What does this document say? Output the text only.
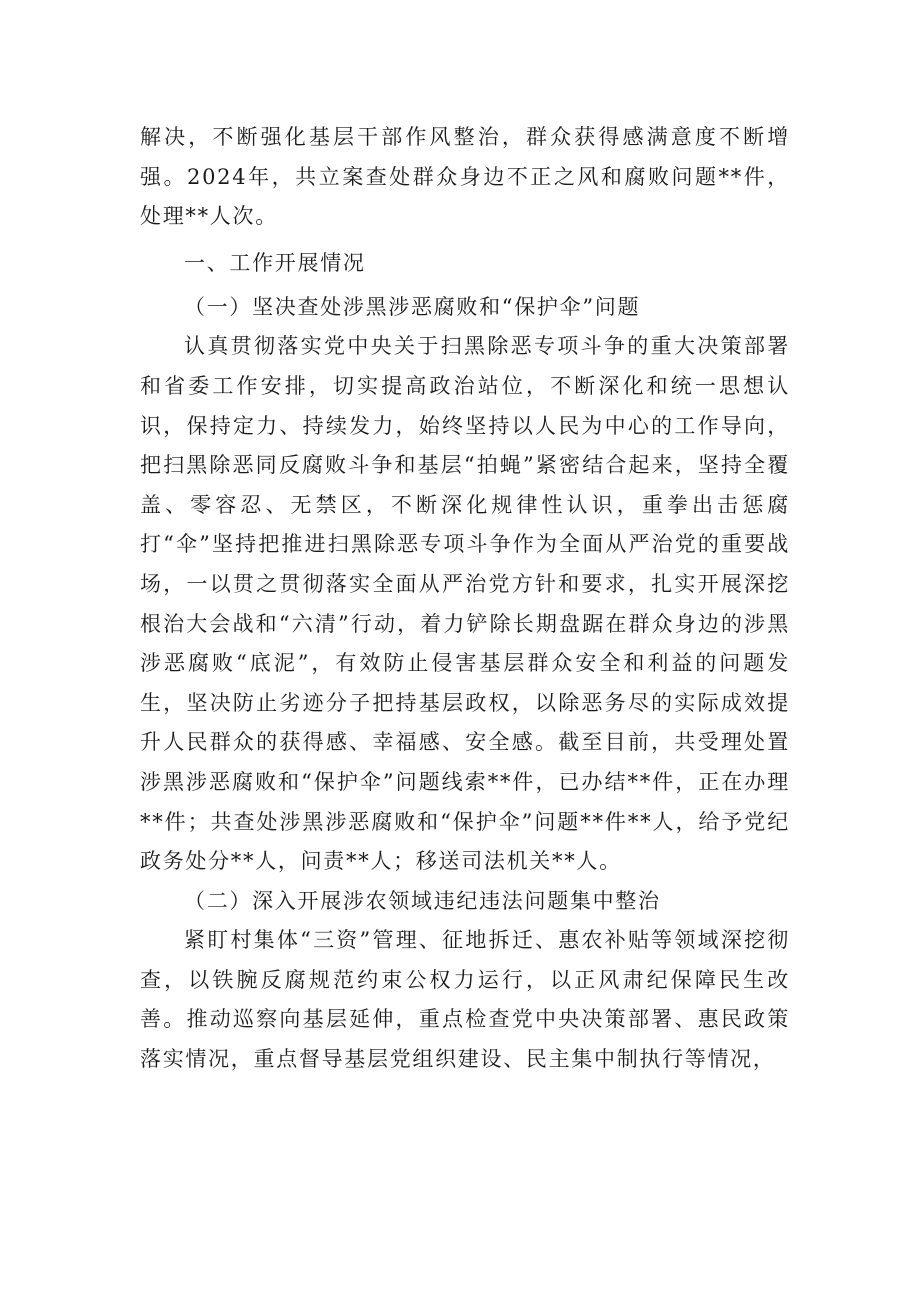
解决，不断强化基层干部作风整治，群众获得感满意度不断增强。2024年，共立案查处群众身边不正之风和腐败问题**件，处理**人次。

一、工作开展情况

（一）坚决查处涉黑涉恶腐败和“保护伞”问题

认真贯彻落实党中央关于扫黑除恶专项斗争的重大决策部署和省委工作安排，切实提高政治站位，不断深化和统一思想认识，保持定力、持续发力，始终坚持以人民为中心的工作导向，把扫黑除恶同反腐败斗争和基层“拍蝇”紧密结合起来，坚持全覆盖、零容忍、无禁区，不断深化规律性认识，重拳出击惩腐打“伞”坚持把推进扫黑除恶专项斗争作为全面从严治党的重要战场，一以贯之贯彻落实全面从严治党方针和要求，扎实开展深挖根治大会战和“六清”行动，着力铲除长期盘踞在群众身边的涉黑涉恶腐败“底泥”，有效防止侵害基层群众安全和利益的问题发生，坚决防止劣迹分子把持基层政权，以除恶务尽的实际成效提升人民群众的获得感、幸福感、安全感。截至目前，共受理处置涉黑涉恶腐败和“保护伞”问题线索**件，已办结**件，正在办理**件；共查处涉黑涉恶腐败和“保护伞”问题**件**人，给予党纪政务处分**人，问责**人；移送司法机关**人。

（二）深入开展涉农领域违纪违法问题集中整治

紧盯村集体“三资”管理、征地拆迁、惠农补贴等领域深挖彻查，以铁腕反腐规范约束公权力运行，以正风肃纪保障民生改善。推动巡察向基层延伸，重点检查党中央决策部署、惠民政策落实情况，重点督导基层党组织建设、民主集中制执行等情况，
